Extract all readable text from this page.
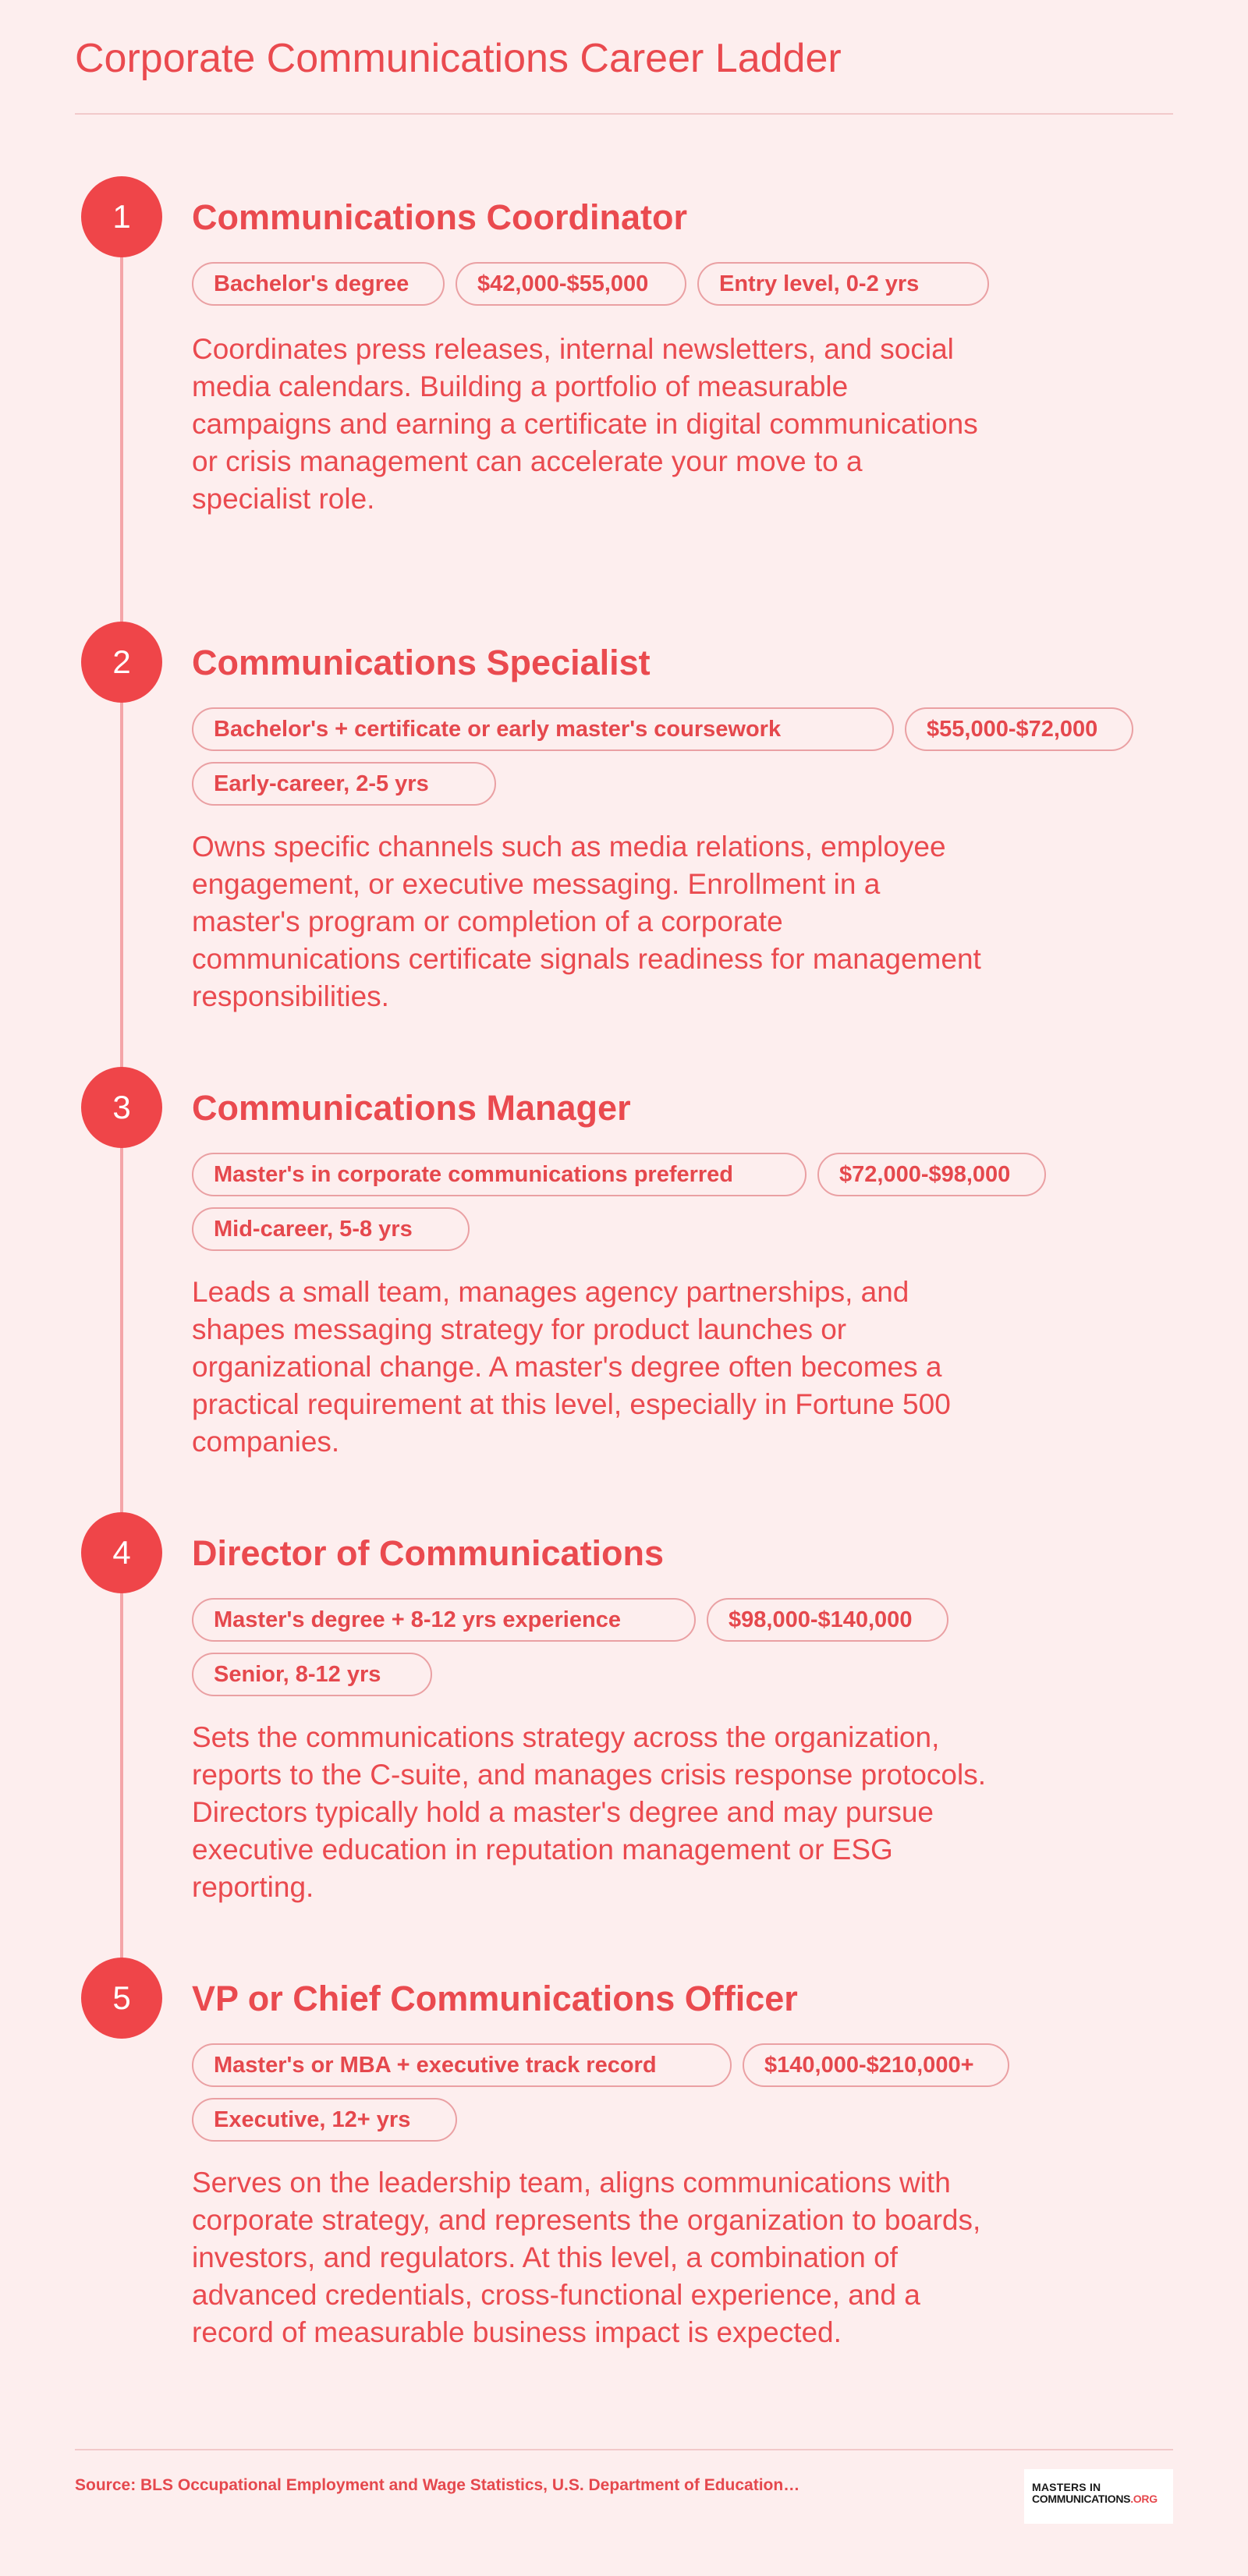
Corporate Communications Career Ladder
1	Communications Coordinator
Bachelor's degree	$42,000-$55,000	Entry level, 0-2 yrs

Coordinates press releases, internal newsletters, and social media calendars. Building a portfolio of measurable campaigns and earning a certificate in digital communications or crisis management can accelerate your move to a specialist role.

2	Communications Specialist
Bachelor's + certificate or early master's coursework	$55,000-$72,000
Early-career, 2-5 yrs

Owns specific channels such as media relations, employee engagement, or executive messaging. Enrollment in a master's program or completion of a corporate communications certificate signals readiness for management responsibilities.

3	Communications Manager
Master's in corporate communications preferred	$72,000-$98,000
Mid-career, 5-8 yrs

Leads a small team, manages agency partnerships, and shapes messaging strategy for product launches or organizational change. A master's degree often becomes a practical requirement at this level, especially in Fortune 500 companies.

4	Director of Communications
Master's degree + 8-12 yrs experience	$98,000-$140,000
Senior, 8-12 yrs

Sets the communications strategy across the organization, reports to the C-suite, and manages crisis response protocols. Directors typically hold a master's degree and may pursue executive education in reputation management or ESG reporting.

5	VP or Chief Communications Officer
Master's or MBA + executive track record	$140,000-$210,000+
Executive, 12+ yrs

Serves on the leadership team, aligns communications with corporate strategy, and represents the organization to boards, investors, and regulators. At this level, a combination of advanced credentials, cross-functional experience, and a record of measurable business impact is expected.

Source: BLS Occupational Employment and Wage Statistics, U.S. Department of Education…	MASTERS IN
COMMUNICATIONS.ORG
